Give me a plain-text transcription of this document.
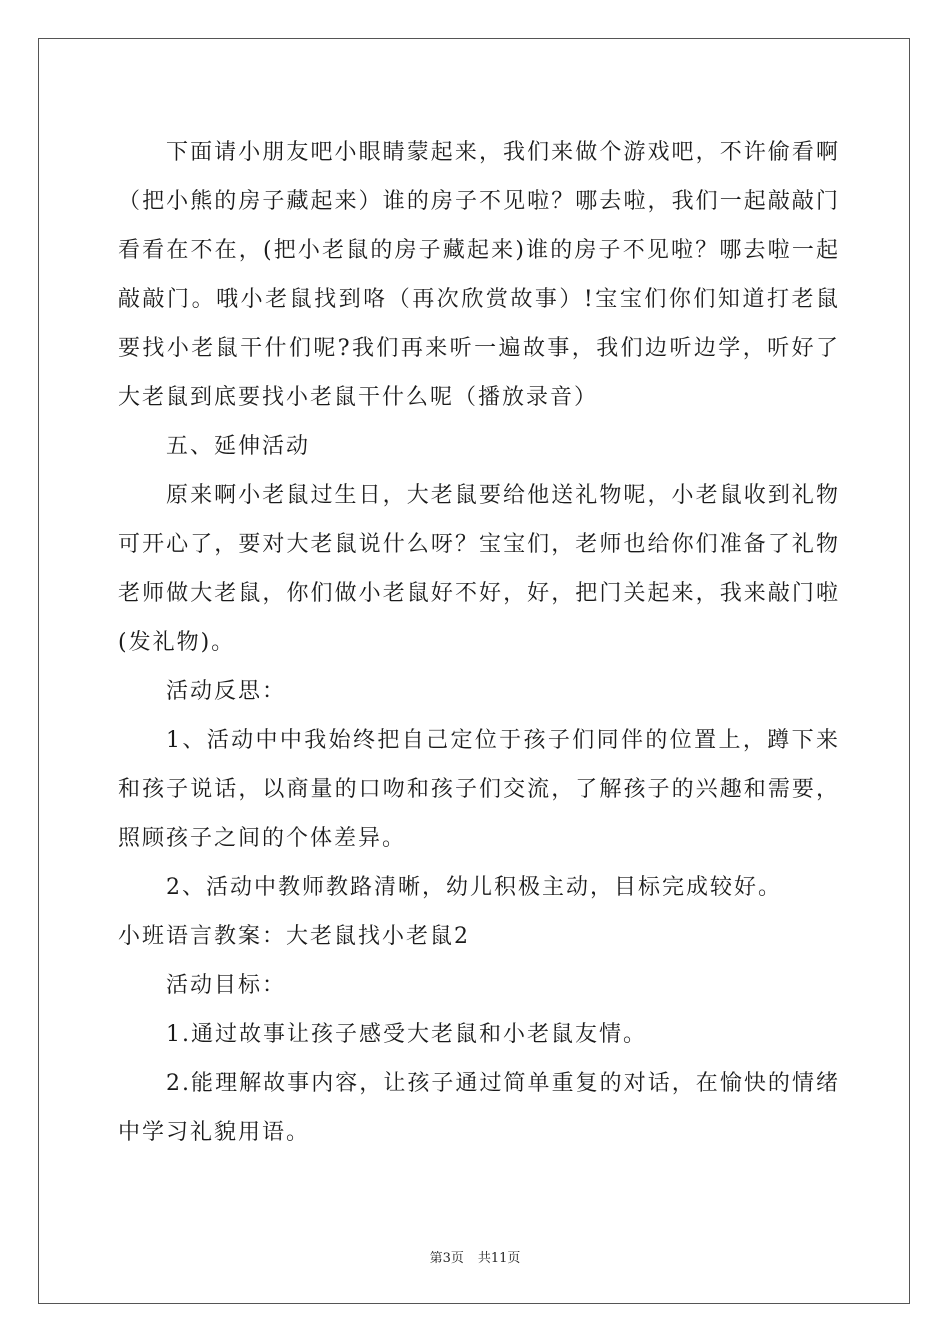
下面请小朋友吧小眼睛蒙起来，我们来做个游戏吧，不许偷看啊（把小熊的房子藏起来）谁的房子不见啦？哪去啦，我们一起敲敲门看看在不在，(把小老鼠的房子藏起来)谁的房子不见啦？哪去啦一起敲敲门。哦小老鼠找到咯（再次欣赏故事）!宝宝们你们知道打老鼠要找小老鼠干什们呢?我们再来听一遍故事，我们边听边学，听好了大老鼠到底要找小老鼠干什么呢（播放录音）

五、延伸活动

原来啊小老鼠过生日，大老鼠要给他送礼物呢，小老鼠收到礼物可开心了，要对大老鼠说什么呀？宝宝们，老师也给你们准备了礼物老师做大老鼠，你们做小老鼠好不好，好，把门关起来，我来敲门啦(发礼物)。

活动反思：

1、活动中中我始终把自己定位于孩子们同伴的位置上，蹲下来和孩子说话，以商量的口吻和孩子们交流，了解孩子的兴趣和需要，照顾孩子之间的个体差异。

2、活动中教师教路清晰，幼儿积极主动，目标完成较好。

小班语言教案：大老鼠找小老鼠2

活动目标：

1.通过故事让孩子感受大老鼠和小老鼠友情。

2.能理解故事内容，让孩子通过简单重复的对话，在愉快的情绪中学习礼貌用语。

第3页 共11页
